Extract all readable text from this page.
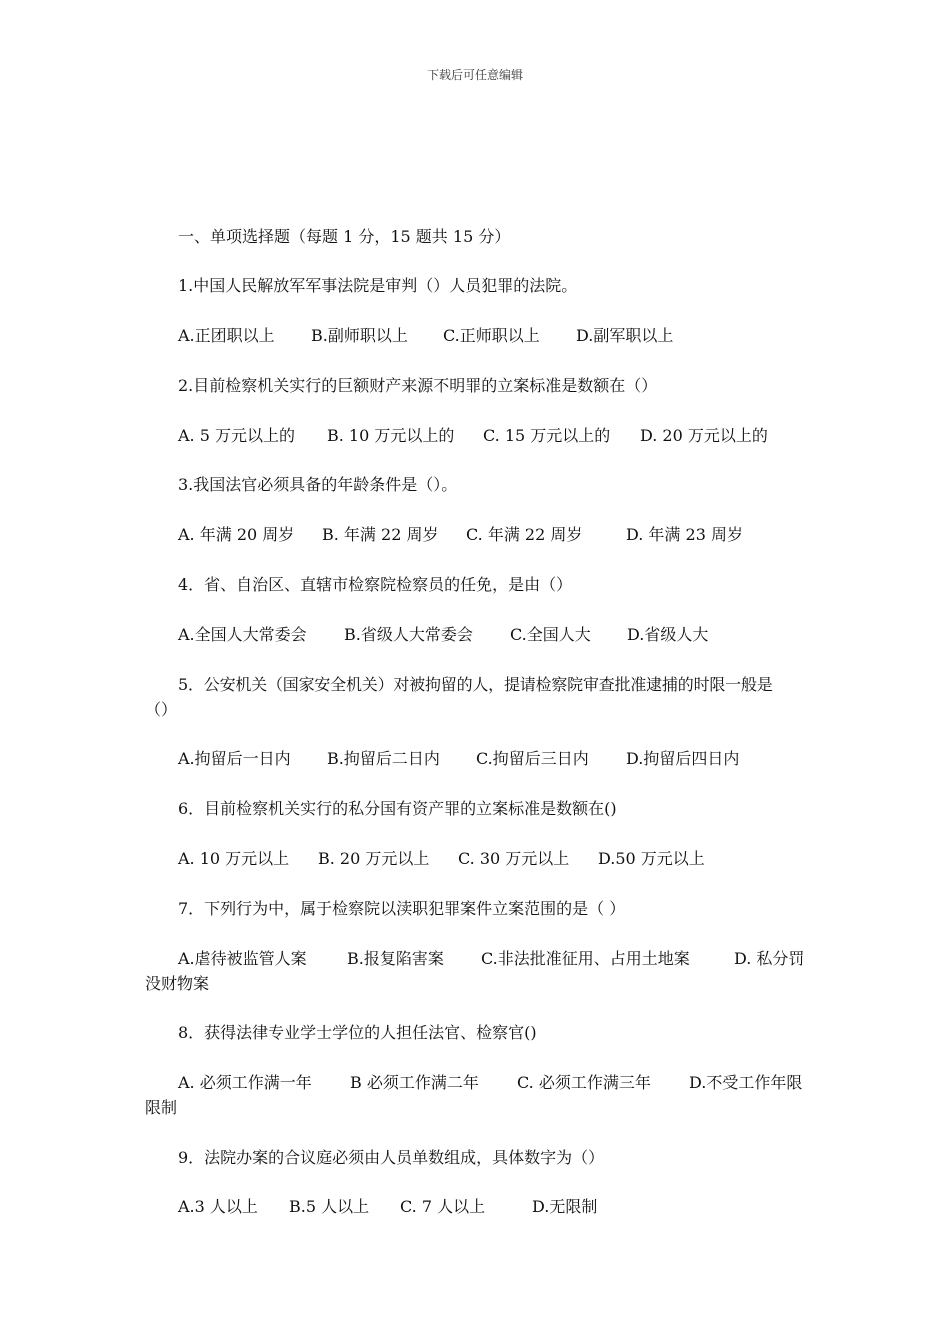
下载后可任意编辑
一、单项选择题（每题 1 分，15 题共 15 分）
1.中国人民解放军军事法院是审判（）人员犯罪的法院。
A.正团职以上 B.副师职以上 C.正师职以上 D.副军职以上
2.目前检察机关实行的巨额财产来源不明罪的立案标准是数额在（）
A. 5 万元以上的 B. 10 万元以上的 C. 15 万元以上的 D. 20 万元以上的
3.我国法官必须具备的年龄条件是（）。
A. 年满 20 周岁 B. 年满 22 周岁 C. 年满 22 周岁	D. 年满 23 周岁
4．省、自治区、直辖市检察院检察员的任免，是由（）
A.全国人大常委会 B.省级人大常委会 C.全国人大 D.省级人大
5．公安机关（国家安全机关）对被拘留的人，提请检察院审查批准逮捕的时限一般是
（）
A.拘留后一日内 B.拘留后二日内 C.拘留后三日内 D.拘留后四日内
6．目前检察机关实行的私分国有资产罪的立案标准是数额在()
A. 10 万元以上 B. 20 万元以上 C. 30 万元以上 D.50 万元以上
7．下列行为中，属于检察院以渎职犯罪案件立案范围的是（ ）
A.虐待被监管人案	B.报复陷害案 C.非法批准征用、占用土地案	D. 私分罚
没财物案
8．获得法律专业学士学位的人担任法官、检察官()
A. 必须工作满一年 B 必须工作满二年 C. 必须工作满三年 D.不受工作年限
限制
9．法院办案的合议庭必须由人员单数组成，具体数字为（）
A.3 人以上 B.5 人以上 C. 7 人以上	D.无限制
